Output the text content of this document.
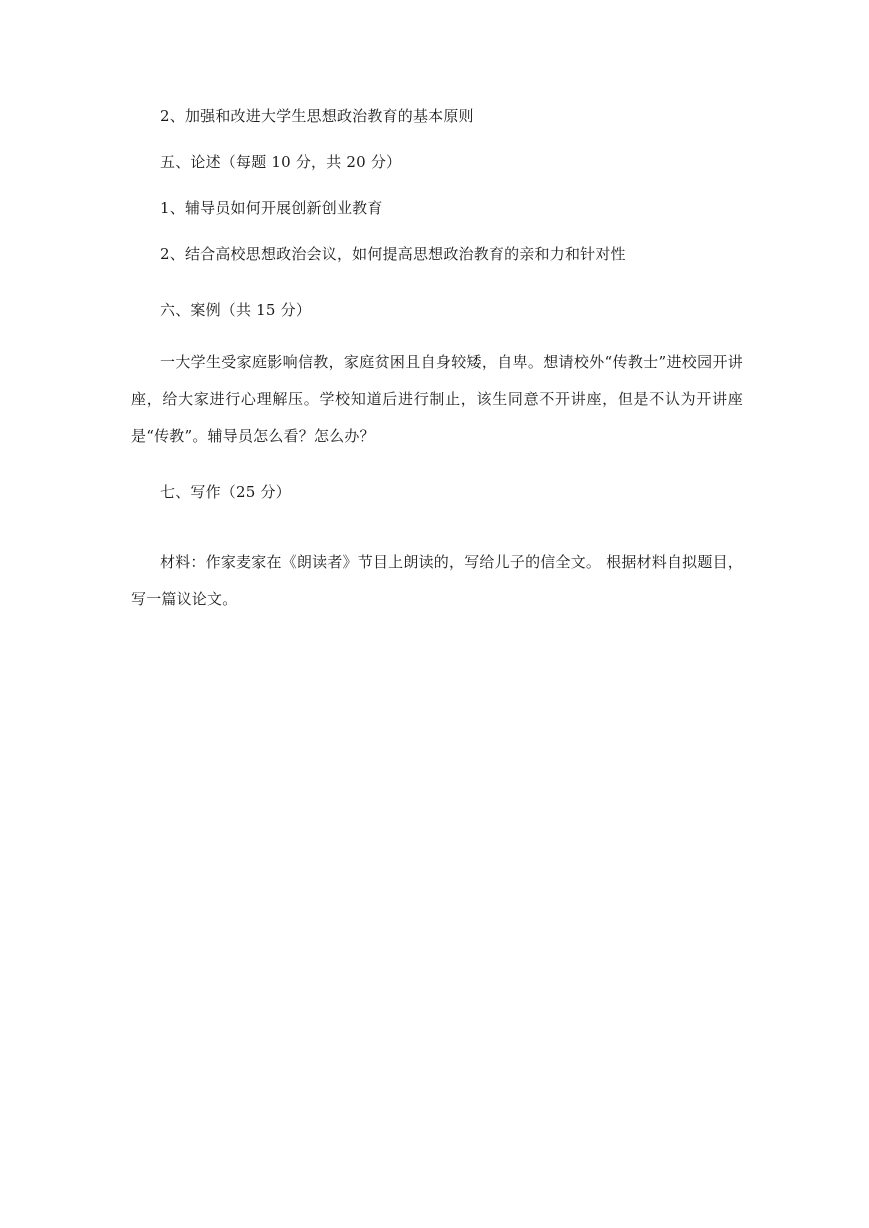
2、加强和改进大学生思想政治教育的基本原则
五、论述（每题 10 分，共 20 分）
1、辅导员如何开展创新创业教育
2、结合高校思想政治会议，如何提高思想政治教育的亲和力和针对性
六、案例（共 15 分）
一大学生受家庭影响信教，家庭贫困且自身较矮，自卑。想请校外“传教士”进校园开讲座，给大家进行心理解压。学校知道后进行制止，该生同意不开讲座，但是不认为开讲座是“传教”。辅导员怎么看？怎么办？
七、写作（25 分）
材料：作家麦家在《朗读者》节目上朗读的，写给儿子的信全文。 根据材料自拟题目，写一篇议论文。
